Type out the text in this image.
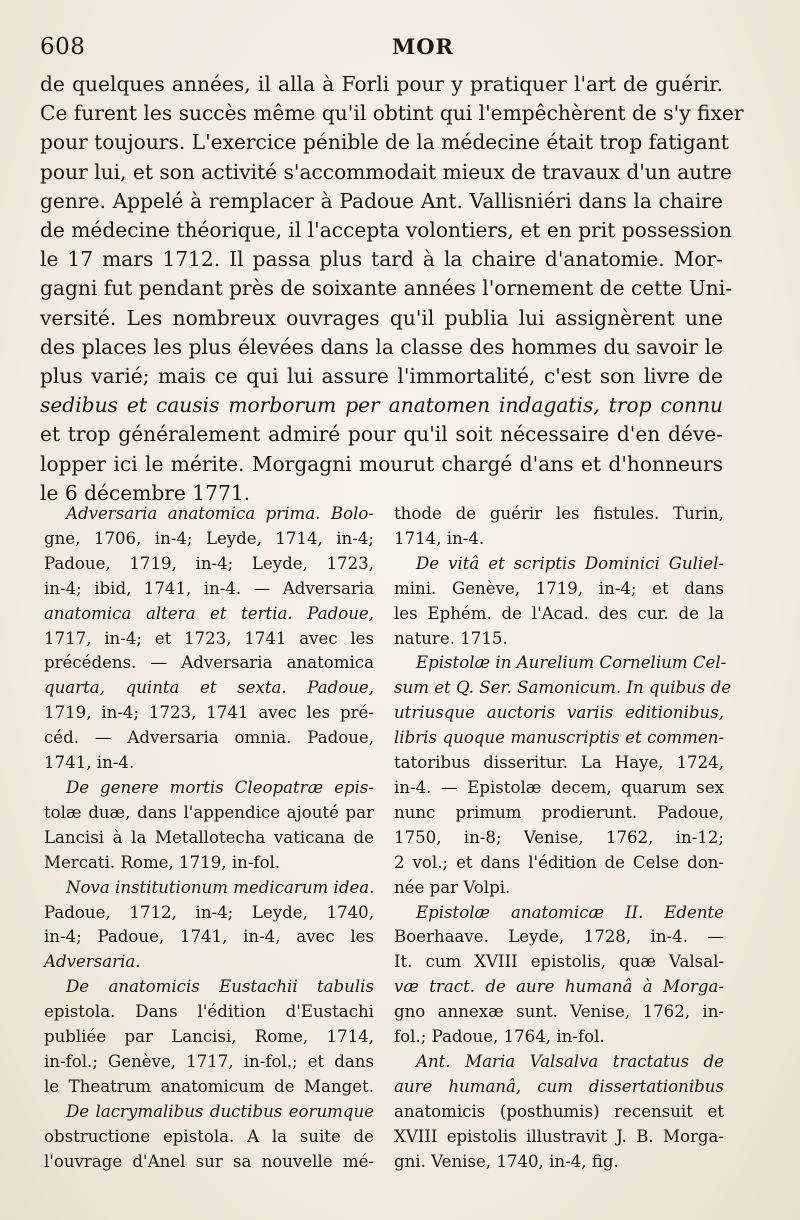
608	MOR
de quelques années, il alla à Forli pour y pratiquer l'art de guérir.
Ce furent les succès même qu'il obtint qui l'empêchèrent de s'y fixer
pour toujours. L'exercice pénible de la médecine était trop fatigant
pour lui, et son activité s'accommodait mieux de travaux d'un autre
genre. Appelé à remplacer à Padoue Ant. Vallisniéri dans la chaire
de médecine théorique, il l'accepta volontiers, et en prit possession
le 17 mars 1712. Il passa plus tard à la chaire d'anatomie. Mor-
gagni fut pendant près de soixante années l'ornement de cette Uni-
versité. Les nombreux ouvrages qu'il publia lui assignèrent une
des places les plus élevées dans la classe des hommes du savoir le
plus varié; mais ce qui lui assure l'immortalité, c'est son livre de
sedibus et causis morborum per anatomen indagatis, trop connu
et trop généralement admiré pour qu'il soit nécessaire d'en déve-
lopper ici le mérite. Morgagni mourut chargé d'ans et d'honneurs
le 6 décembre 1771.
Adversaria anatomica prima. Bolo-
gne, 1706, in-4; Leyde, 1714, in-4;
Padoue, 1719, in-4; Leyde, 1723,
in-4; ibid, 1741, in-4. — Adversaria
anatomica altera et tertia. Padoue,
1717, in-4; et 1723, 1741 avec les
précédens. — Adversaria anatomica
quarta, quinta et sexta. Padoue,
1719, in-4; 1723, 1741 avec les pré-
céd. — Adversaria omnia. Padoue,
1741, in-4.
De genere mortis Cleopatræ epis-
tolæ duæ, dans l'appendice ajouté par
Lancisi à la Metallotecha vaticana de
Mercati. Rome, 1719, in-fol.
Nova institutionum medicarum idea.
Padoue, 1712, in-4; Leyde, 1740,
in-4; Padoue, 1741, in-4, avec les
Adversaria.
De anatomicis Eustachii tabulis
epistola. Dans l'édition d'Eustachi
publiée par Lancisi, Rome, 1714,
in-fol.; Genève, 1717, in-fol.; et dans
le Theatrum anatomicum de Manget.
De lacrymalibus ductibus eorumque
obstructione epistola. A la suite de
l'ouvrage d'Anel sur sa nouvelle mé-
thode de guérir les fistules. Turin,
1714, in-4.
De vitâ et scriptis Dominici Guliel-
mini. Genève, 1719, in-4; et dans
les Ephém. de l'Acad. des cur. de la
nature. 1715.
Epistolæ in Aurelium Cornelium Cel-
sum et Q. Ser. Samonicum. In quibus de
utriusque auctoris variis editionibus,
libris quoque manuscriptis et commen-
tatoribus disseritur. La Haye, 1724,
in-4. — Epistolæ decem, quarum sex
nunc primum prodierunt. Padoue,
1750, in-8; Venise, 1762, in-12;
2 vol.; et dans l'édition de Celse don-
née par Volpi.
Epistolæ anatomicæ II. Edente
Boerhaave. Leyde, 1728, in-4. —
It. cum XVIII epistolis, quæ Valsal-
væ tract. de aure humanâ à Morga-
gno annexæ sunt. Venise, 1762, in-
fol.; Padoue, 1764, in-fol.
Ant. Maria Valsalva tractatus de
aure humanâ, cum dissertationibus
anatomicis (posthumis) recensuit et
XVIII epistolis illustravit J. B. Morga-
gni. Venise, 1740, in-4, fig.
